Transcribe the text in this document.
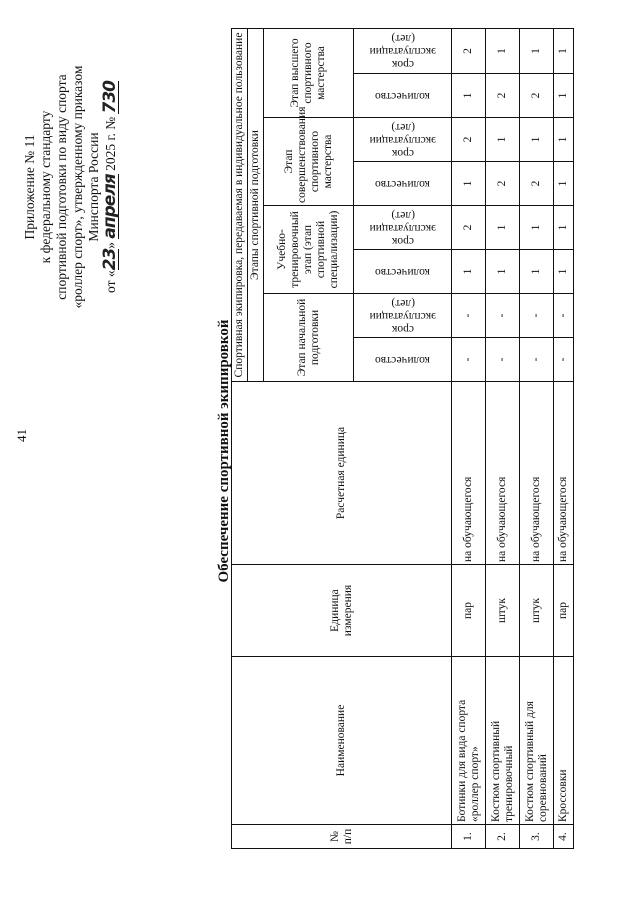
41
Приложение № 11 к федеральному стандарту спортивной подготовки по виду спорта «роллер спорт», утвержденному приказом Минспорта России
от «23» апреля 2025 г. № 730
Обеспечение спортивной экипировкой
№ п/п	Наименование	Единица измерения	Расчетная единица	Спортивная экипировка, передаваемая в индивидуальное пользование							
				Этапы спортивной подготовки							
				Этап начальной подготовки		Учебно-тренировочный этап (этап спортивной специализации)		Этап совершенствования спортивного мастерства		Этап высшего спортивного мастерства	

				количество	срок эксплуатации (лет)	количество	срок эксплуатации (лет)	количество	срок эксплуатации (лет)	количество	срок эксплуатации (лет)

1.	Ботинки для вида спорта «роллер спорт»	пар	на обучающегося	-	-	1	2	1	2	1	2
2.	Костюм спортивный тренировочный	штук	на обучающегося	-	-	1	1	2	1	2	1
3.	Костюм спортивный для соревнований	штук	на обучающегося	-	-	1	1	2	1	2	1
4.	Кроссовки	пар	на обучающегося	-	-	1	1	1	1	1	1
